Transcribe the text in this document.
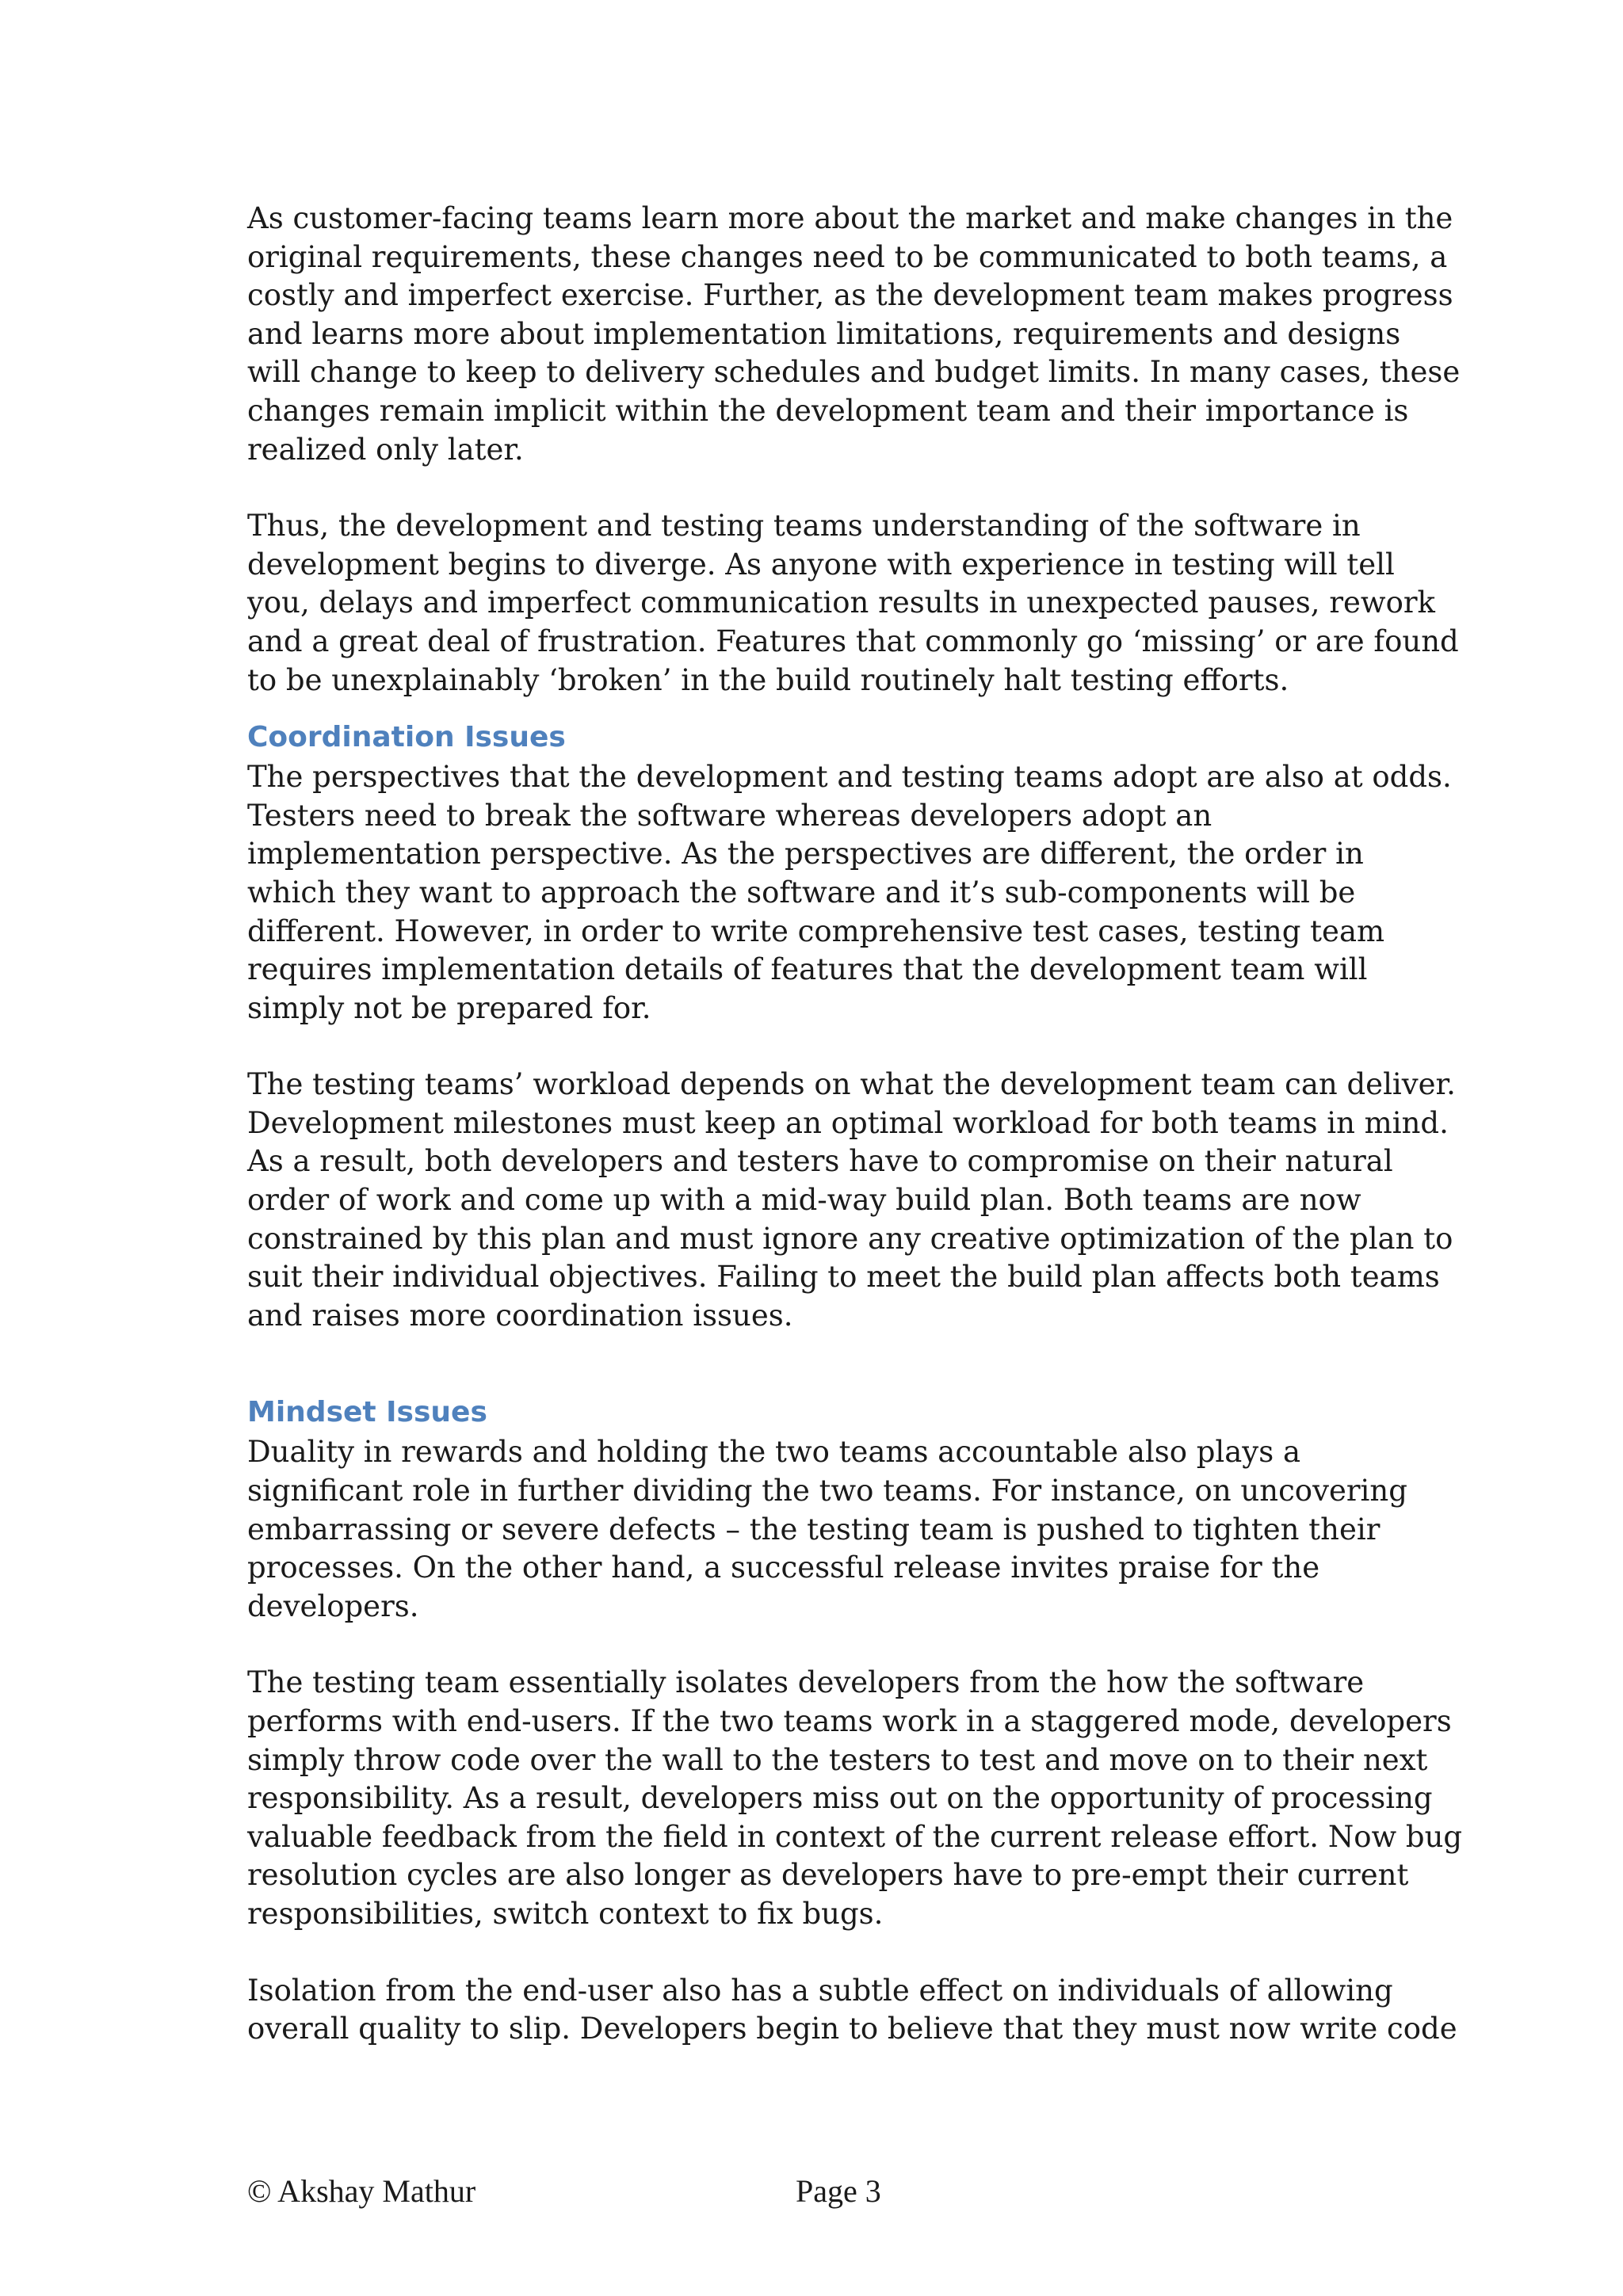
As customer-facing teams learn more about the market and make changes in the
original requirements, these changes need to be communicated to both teams, a
costly and imperfect exercise. Further, as the development team makes progress
and learns more about implementation limitations, requirements and designs
will change to keep to delivery schedules and budget limits. In many cases, these
changes remain implicit within the development team and their importance is
realized only later.

Thus, the development and testing teams understanding of the software in
development begins to diverge. As anyone with experience in testing will tell
you, delays and imperfect communication results in unexpected pauses, rework
and a great deal of frustration. Features that commonly go ‘missing’ or are found
to be unexplainably ‘broken’ in the build routinely halt testing efforts.

Coordination Issues

The perspectives that the development and testing teams adopt are also at odds.
Testers need to break the software whereas developers adopt an
implementation perspective. As the perspectives are different, the order in
which they want to approach the software and it’s sub-components will be
different. However, in order to write comprehensive test cases, testing team
requires implementation details of features that the development team will
simply not be prepared for.

The testing teams’ workload depends on what the development team can deliver.
Development milestones must keep an optimal workload for both teams in mind.
As a result, both developers and testers have to compromise on their natural
order of work and come up with a mid-way build plan. Both teams are now
constrained by this plan and must ignore any creative optimization of the plan to
suit their individual objectives. Failing to meet the build plan affects both teams
and raises more coordination issues.

Mindset Issues

Duality in rewards and holding the two teams accountable also plays a
significant role in further dividing the two teams. For instance, on uncovering
embarrassing or severe defects – the testing team is pushed to tighten their
processes. On the other hand, a successful release invites praise for the
developers.

The testing team essentially isolates developers from the how the software
performs with end-users. If the two teams work in a staggered mode, developers
simply throw code over the wall to the testers to test and move on to their next
responsibility. As a result, developers miss out on the opportunity of processing
valuable feedback from the field in context of the current release effort. Now bug
resolution cycles are also longer as developers have to pre-empt their current
responsibilities, switch context to fix bugs.

Isolation from the end-user also has a subtle effect on individuals of allowing
overall quality to slip. Developers begin to believe that they must now write code

© Akshay Mathur	Page 3
